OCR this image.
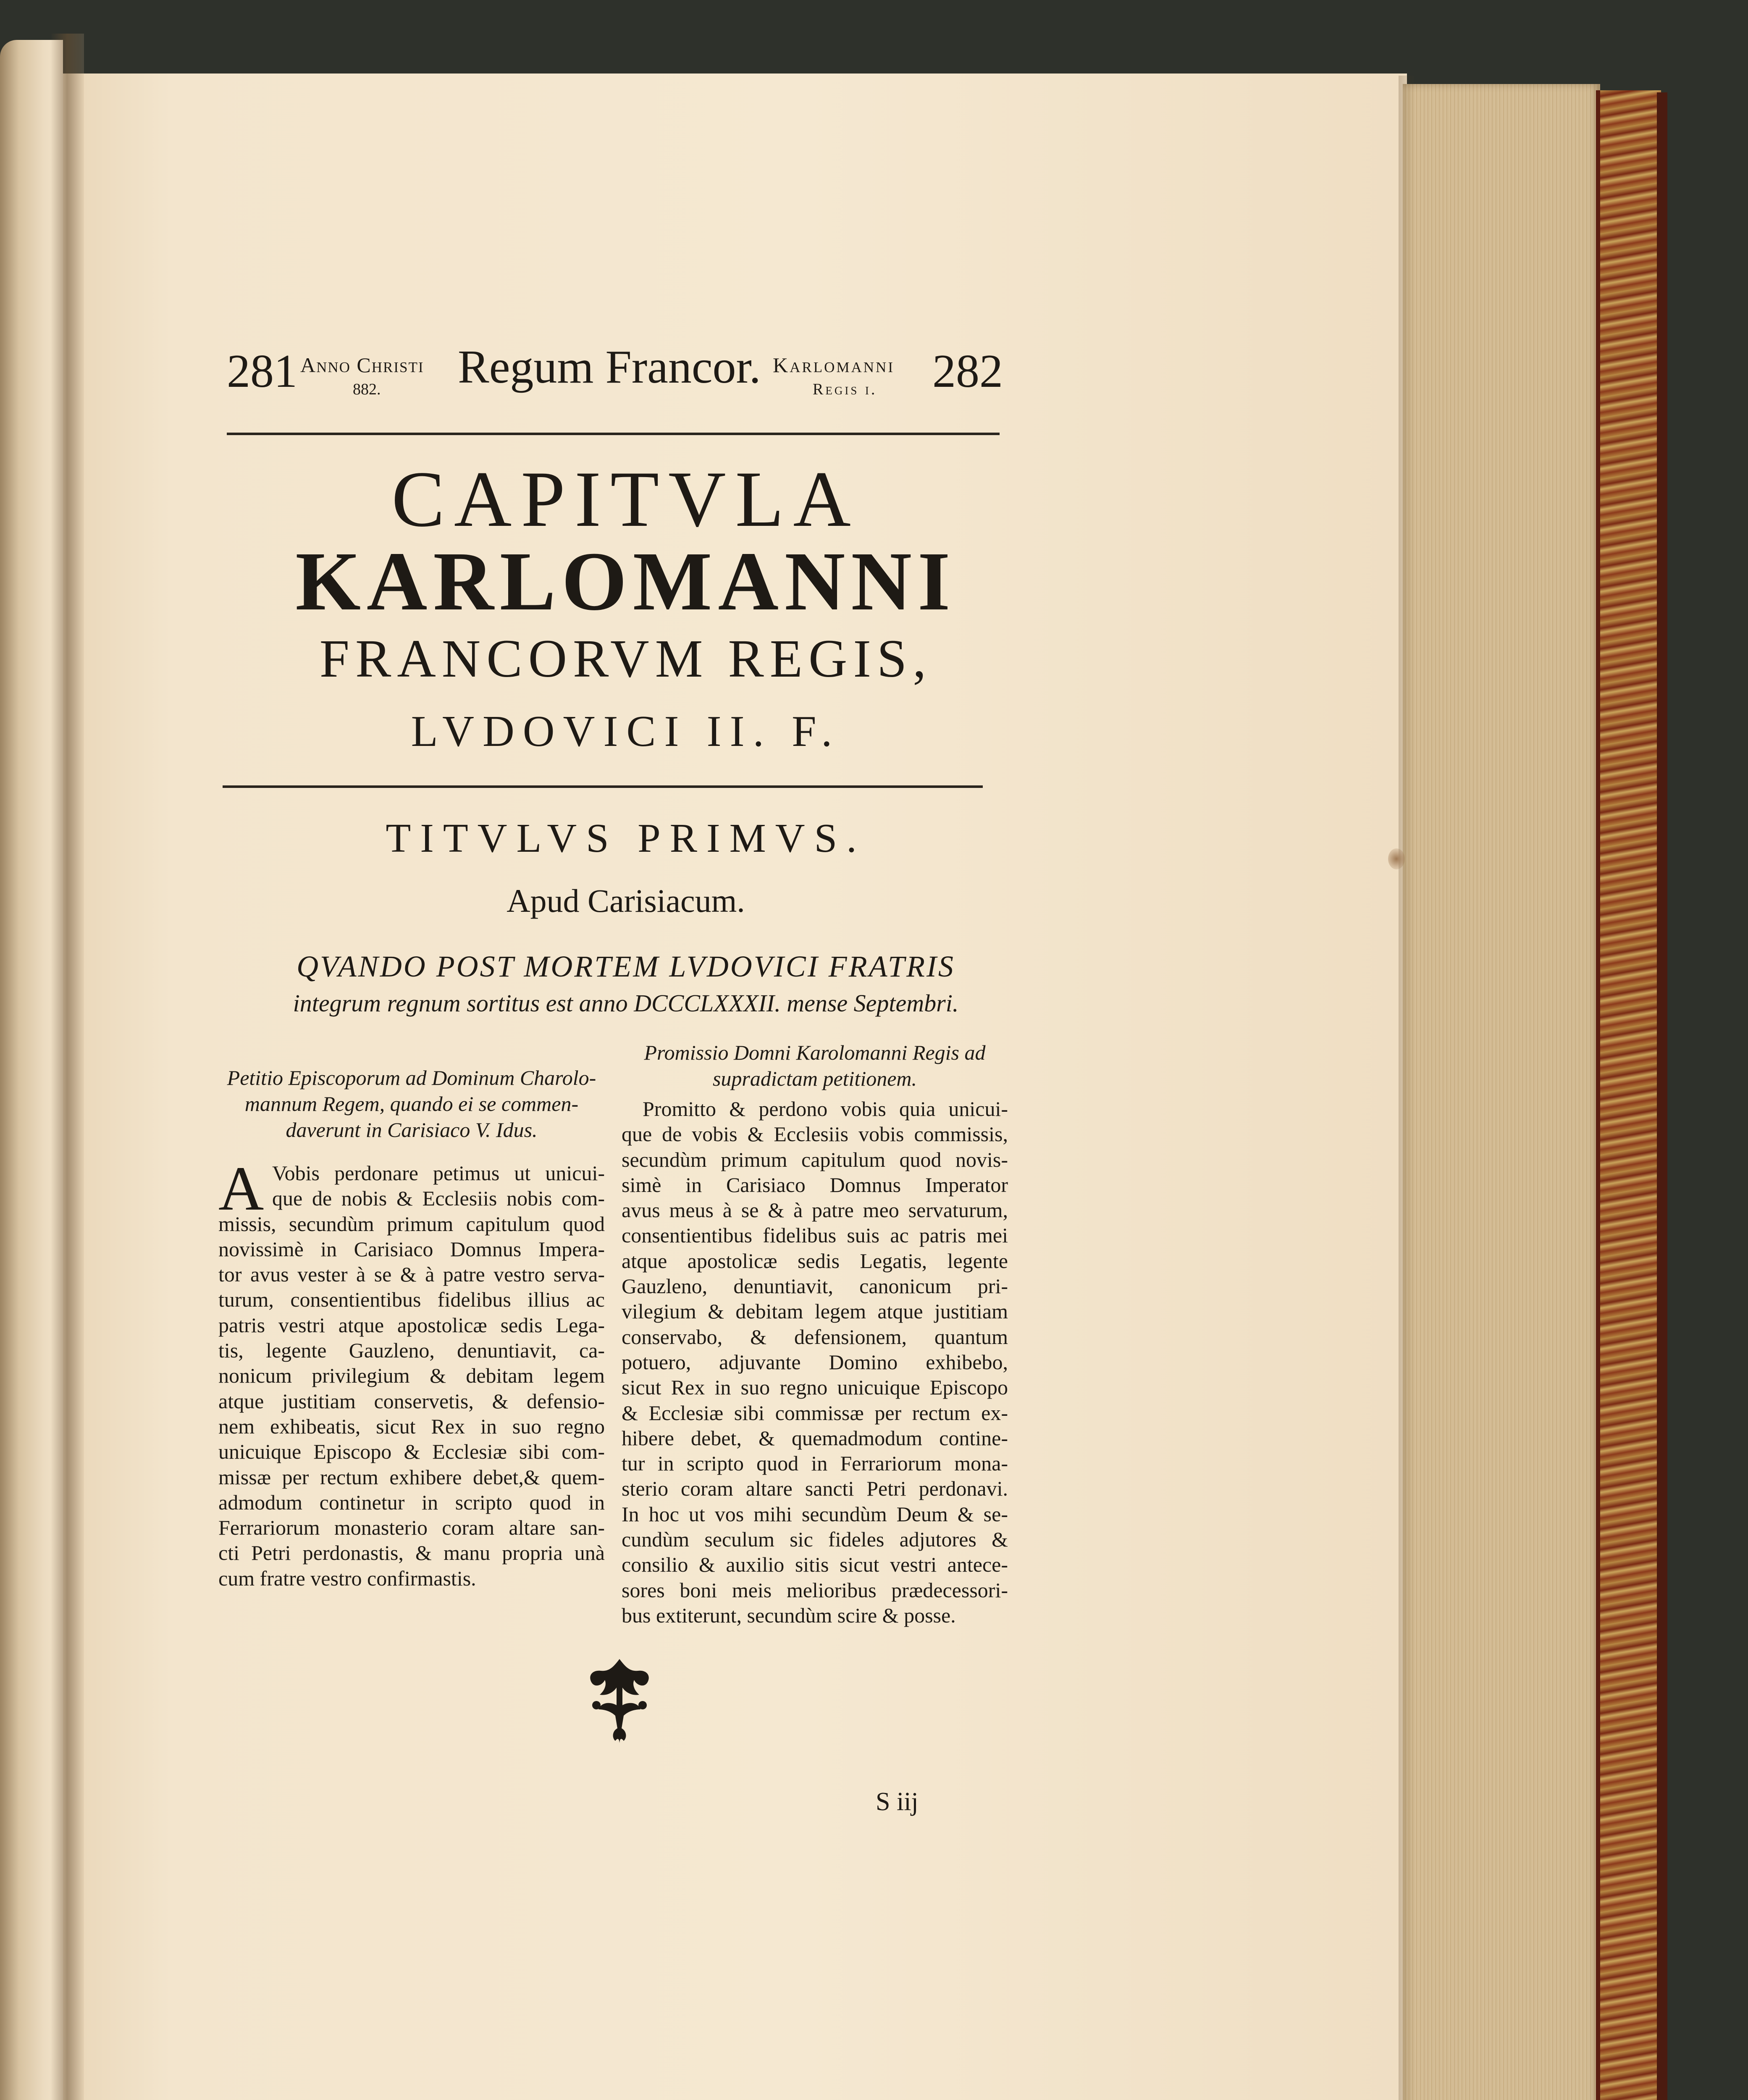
281 Anno Christi
882. Regum Francor. Karlomanni
Regis i. 282
CAPITVLA
KARLOMANNI
FRANCORVM REGIS,
LVDOVICI II. F.
TITVLVS PRIMVS.
Apud Carisiacum.
QVANDO POST MORTEM LVDOVICI FRATRIS
integrum regnum sortitus est anno DCCCLXXXII. mense Septembri.
Petitio Episcoporum ad Dominum Charolo-
mannum Regem, quando ei se commen-
daverunt in Carisiaco V. Idus.
Promissio Domni Karolomanni Regis ad
supradictam petitionem.
A Vobis perdonare petimus ut unicui-
que de nobis & Ecclesiis nobis com-
missis, secundùm primum capitulum quod
novissimè in Carisiaco Domnus Impera-
tor avus vester à se & à patre vestro serva-
turum, consentientibus fidelibus illius ac
patris vestri atque apostolicæ sedis Lega-
tis, legente Gauzleno, denuntiavit, ca-
nonicum privilegium & debitam legem
atque justitiam conservetis, & defensio-
nem exhibeatis, sicut Rex in suo regno
unicuique Episcopo & Ecclesiæ sibi com-
missæ per rectum exhibere debet,& quem-
admodum continetur in scripto quod in
Ferrariorum monasterio coram altare san-
cti Petri perdonastis, & manu propria unà
cum fratre vestro confirmastis.
Promitto & perdono vobis quia unicui-
que de vobis & Ecclesiis vobis commissis,
secundùm primum capitulum quod novis-
simè in Carisiaco Domnus Imperator
avus meus à se & à patre meo servaturum,
consentientibus fidelibus suis ac patris mei
atque apostolicæ sedis Legatis, legente
Gauzleno, denuntiavit, canonicum pri-
vilegium & debitam legem atque justitiam
conservabo, & defensionem, quantum
potuero, adjuvante Domino exhibebo,
sicut Rex in suo regno unicuique Episcopo
& Ecclesiæ sibi commissæ per rectum ex-
hibere debet, & quemadmodum contine-
tur in scripto quod in Ferrariorum mona-
sterio coram altare sancti Petri perdonavi.
In hoc ut vos mihi secundùm Deum & se-
cundùm seculum sic fideles adjutores &
consilio & auxilio sitis sicut vestri antece-
sores boni meis melioribus prædecessori-
bus extiterunt, secundùm scire & posse.
S iij
